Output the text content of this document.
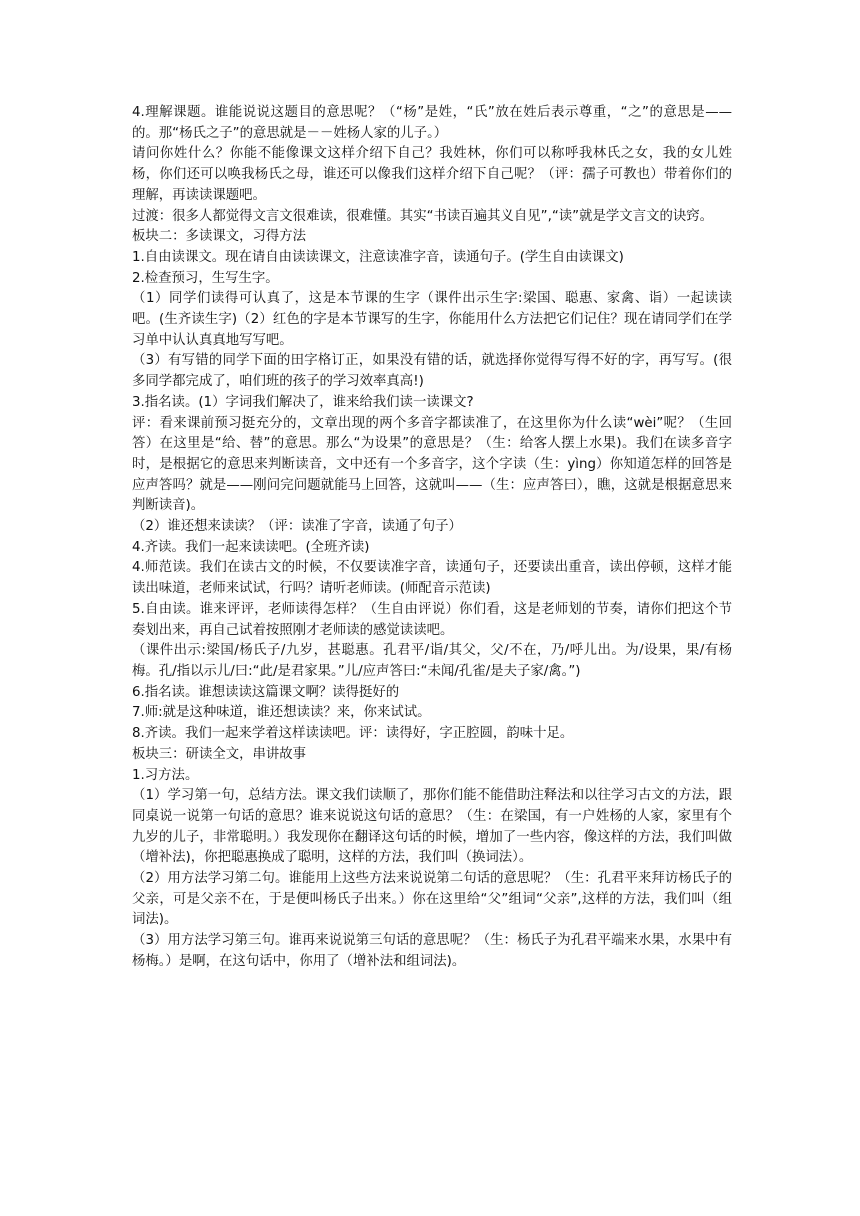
4.理解课题。谁能说说这题目的意思呢？（“杨”是姓，“氏”放在姓后表示尊重，“之”的意思是——的。那“杨氏之子”的意思就是－－姓杨人家的儿子。）

请问你姓什么？你能不能像课文这样介绍下自己？我姓林，你们可以称呼我林氏之女，我的女儿姓杨，你们还可以唤我杨氏之母，谁还可以像我们这样介绍下自己呢？（评：孺子可教也）带着你们的理解，再读读课题吧。

过渡：很多人都觉得文言文很难读，很难懂。其实“书读百遍其义自见”,“读”就是学文言文的诀窍。

板块二：多读课文，习得方法

1.自由读课文。现在请自由读读课文，注意读准字音，读通句子。(学生自由读课文)

2.检查预习，生写生字。

（1）同学们读得可认真了，这是本节课的生字（课件出示生字:梁国、聪惠、家禽、诣）一起读读吧。(生齐读生字)（2）红色的字是本节课写的生字，你能用什么方法把它们记住？现在请同学们在学习单中认认真真地写写吧。

（3）有写错的同学下面的田字格订正，如果没有错的话，就选择你觉得写得不好的字，再写写。(很多同学都完成了，咱们班的孩子的学习效率真高!)

3.指名读。(1）字词我们解决了，谁来给我们读一读课文?

评：看来课前预习挺充分的，文章出现的两个多音字都读准了，在这里你为什么读“wèi”呢？（生回答）在这里是“给、替”的意思。那么“为设果”的意思是？（生：给客人摆上水果)。我们在读多音字时，是根据它的意思来判断读音，文中还有一个多音字，这个字读（生：yìng）你知道怎样的回答是应声答吗？就是——刚问完问题就能马上回答，这就叫——（生：应声答曰），瞧，这就是根据意思来判断读音)。

（2）谁还想来读读？（评：读准了字音，读通了句子）

4.齐读。我们一起来读读吧。(全班齐读)

4.师范读。我们在读古文的时候，不仅要读准字音，读通句子，还要读出重音，读出停顿，这样才能读出味道，老师来试试，行吗？请听老师读。(师配音示范读)

5.自由读。谁来评评，老师读得怎样？（生自由评说）你们看，这是老师划的节奏，请你们把这个节奏划出来，再自己试着按照刚才老师读的感觉读读吧。

（课件出示:梁国/杨氏子/九岁，甚聪惠。孔君平/诣/其父，父/不在，乃/呼儿出。为/设果，果/有杨梅。孔/指以示儿/曰:“此/是君家果。”儿/应声答曰:“未闻/孔雀/是夫子家/禽。”)

6.指名读。谁想读读这篇课文啊？读得挺好的

7.师:就是这种味道，谁还想读读？来，你来试试。

8.齐读。我们一起来学着这样读读吧。评：读得好，字正腔圆，韵味十足。

板块三：研读全文，串讲故事

1.习方法。

（1）学习第一句，总结方法。课文我们读顺了，那你们能不能借助注释法和以往学习古文的方法，跟同桌说一说第一句话的意思？谁来说说这句话的意思？（生：在梁国，有一户姓杨的人家，家里有个九岁的儿子，非常聪明。）我发现你在翻译这句话的时候，增加了一些内容，像这样的方法，我们叫做（增补法)，你把聪惠换成了聪明，这样的方法，我们叫（换词法）。

（2）用方法学习第二句。谁能用上这些方法来说说第二句话的意思呢？（生：孔君平来拜访杨氏子的父亲，可是父亲不在，于是便叫杨氏子出来。）你在这里给“父”组词“父亲”,这样的方法，我们叫（组词法)。

（3）用方法学习第三句。谁再来说说第三句话的意思呢？（生：杨氏子为孔君平端来水果，水果中有杨梅。）是啊，在这句话中，你用了（增补法和组词法)。
